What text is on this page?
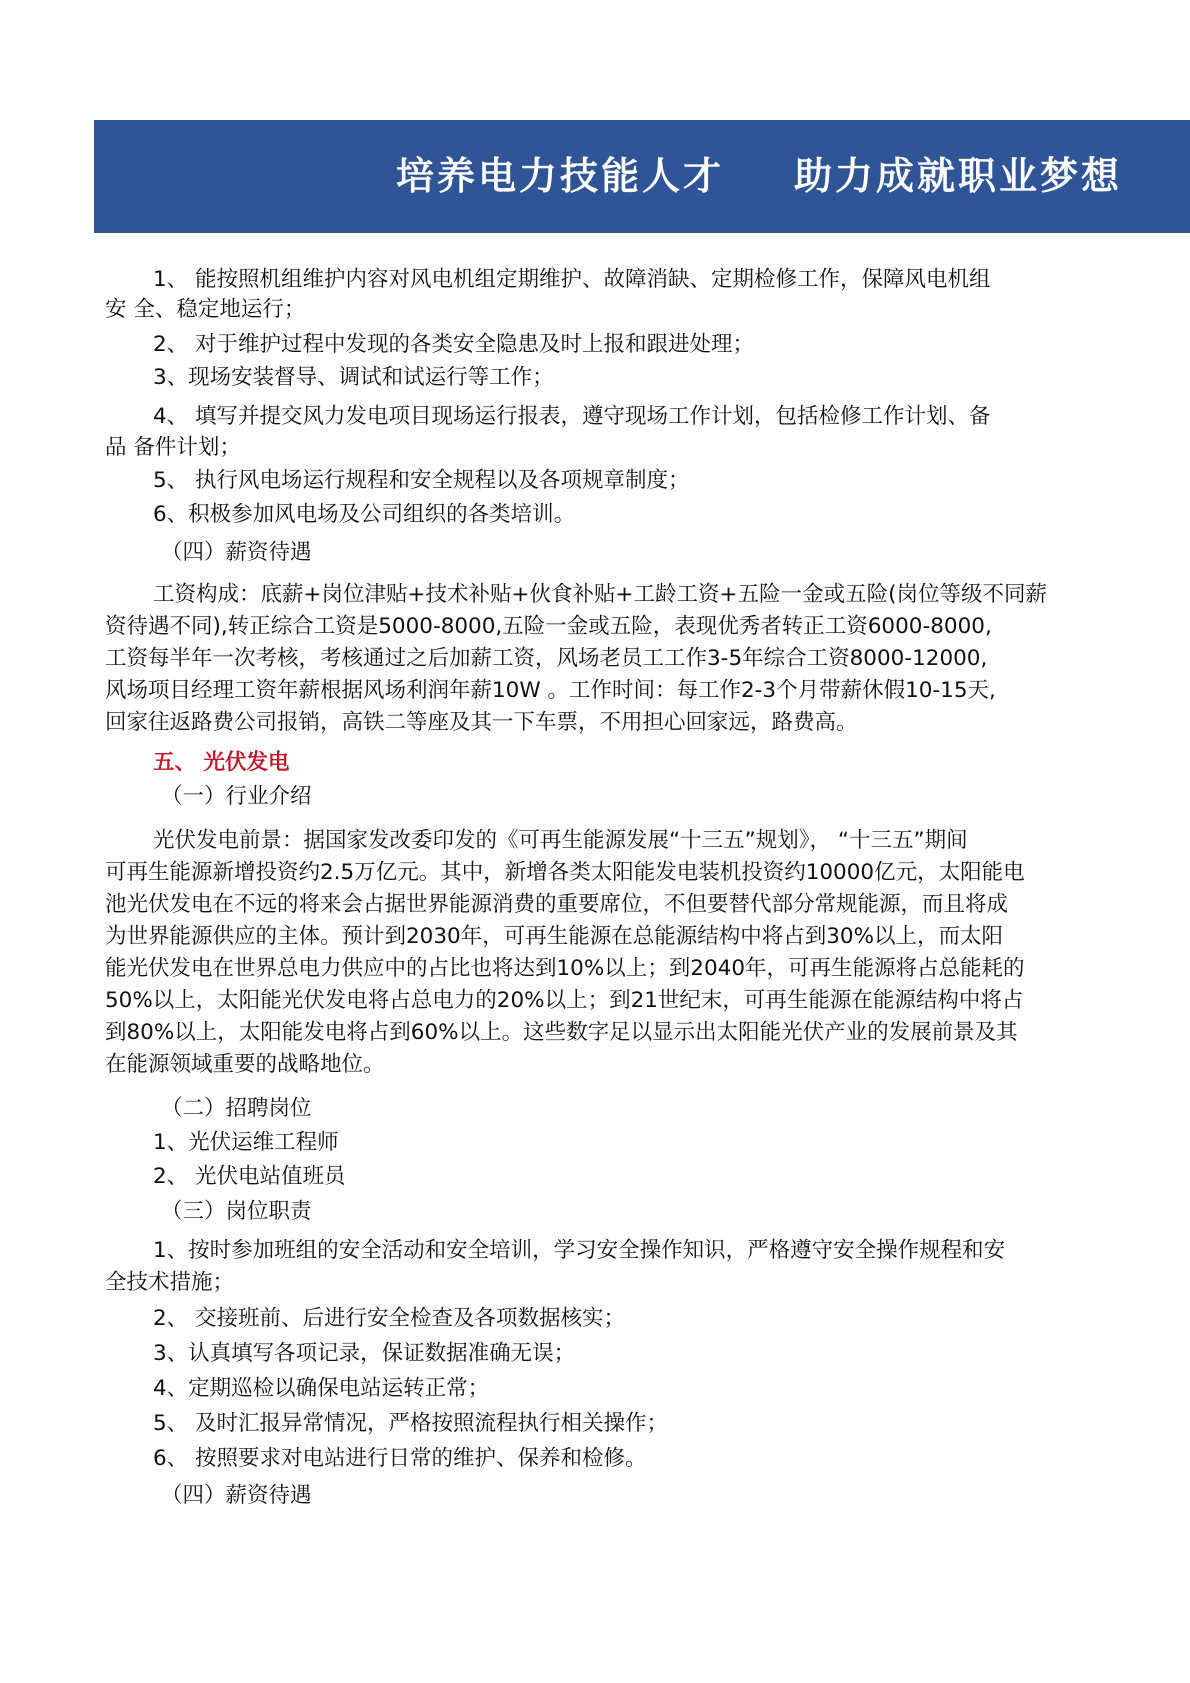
培养电力技能人才 助力成就职业梦想
1、 能按照机组维护内容对风电机组定期维护、故障消缺、定期检修工作，保障风电机组
安 全、稳定地运行；
2、 对于维护过程中发现的各类安全隐患及时上报和跟进处理；
3、现场安装督导、调试和试运行等工作；
4、 填写并提交风力发电项目现场运行报表，遵守现场工作计划，包括检修工作计划、备
品 备件计划；
5、 执行风电场运行规程和安全规程以及各项规章制度；
6、积极参加风电场及公司组织的各类培训。
（四）薪资待遇
工资构成：底薪+岗位津贴+技术补贴+伙食补贴+工龄工资+五险一金或五险(岗位等级不同薪
资待遇不同),转正综合工资是5000-8000,五险一金或五险，表现优秀者转正工资6000-8000,
工资每半年一次考核，考核通过之后加薪工资，风场老员工工作3-5年综合工资8000-12000,
风场项目经理工资年薪根据风场利润年薪10W 。工作时间：每工作2-3个月带薪休假10-15天,
回家往返路费公司报销，高铁二等座及其一下车票，不用担心回家远，路费高。
五、 光伏发电
（一）行业介绍
光伏发电前景：据国家发改委印发的《可再生能源发展“十三五”规划》， “十三五”期间
可再生能源新增投资约2.5万亿元。其中，新增各类太阳能发电装机投资约10000亿元，太阳能电
池光伏发电在不远的将来会占据世界能源消费的重要席位，不但要替代部分常规能源，而且将成
为世界能源供应的主体。预计到2030年，可再生能源在总能源结构中将占到30%以上，而太阳
能光伏发电在世界总电力供应中的占比也将达到10%以上；到2040年，可再生能源将占总能耗的
50%以上，太阳能光伏发电将占总电力的20%以上；到21世纪末，可再生能源在能源结构中将占
到80%以上，太阳能发电将占到60%以上。这些数字足以显示出太阳能光伏产业的发展前景及其
在能源领域重要的战略地位。
（二）招聘岗位
1、光伏运维工程师
2、 光伏电站值班员
（三）岗位职责
1、按时参加班组的安全活动和安全培训，学习安全操作知识，严格遵守安全操作规程和安
全技术措施；
2、 交接班前、后进行安全检查及各项数据核实；
3、认真填写各项记录，保证数据准确无误；
4、定期巡检以确保电站运转正常；
5、 及时汇报异常情况，严格按照流程执行相关操作；
6、 按照要求对电站进行日常的维护、保养和检修。
（四）薪资待遇
